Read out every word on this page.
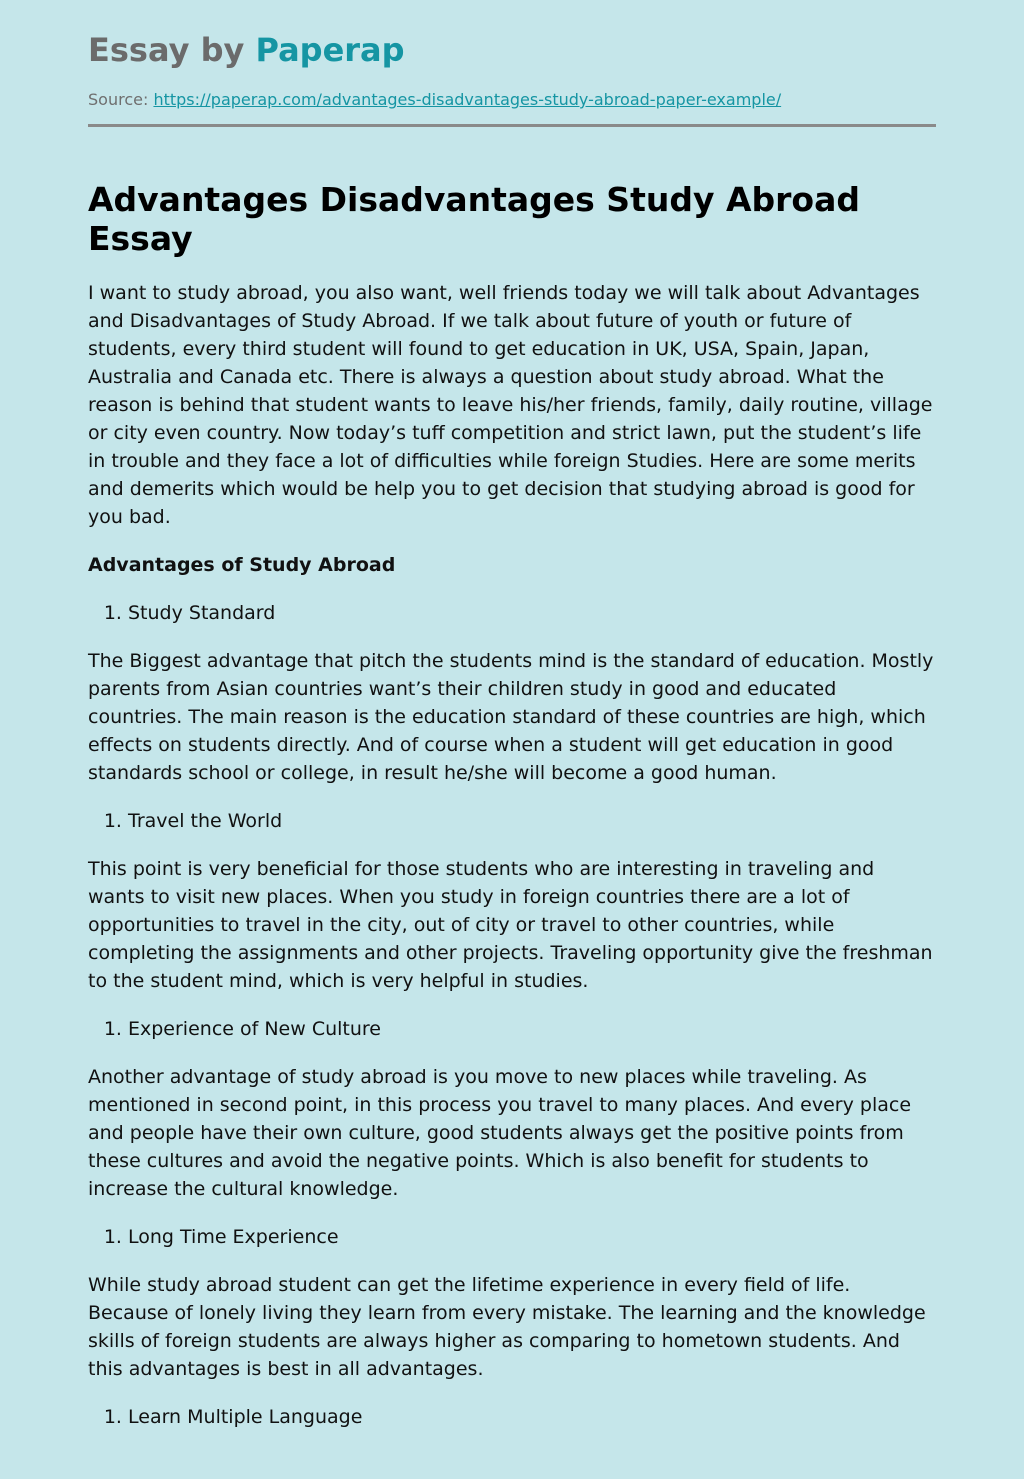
Essay by Paperap
Source: https://paperap.com/advantages-disadvantages-study-abroad-paper-example/
Advantages Disadvantages Study Abroad Essay

I want to study abroad, you also want, well friends today we will talk about Advantages and Disadvantages of Study Abroad. If we talk about future of youth or future of students, every third student will found to get education in UK, USA, Spain, Japan, Australia and Canada etc. There is always a question about study abroad. What the reason is behind that student wants to leave his/her friends, family, daily routine, village or city even country. Now today’s tuff competition and strict lawn, put the student’s life in trouble and they face a lot of difficulties while foreign Studies. Here are some merits and demerits which would be help you to get decision that studying abroad is good for you bad.

Advantages of Study Abroad
1. Study Standard

The Biggest advantage that pitch the students mind is the standard of education. Mostly parents from Asian countries want’s their children study in good and educated countries. The main reason is the education standard of these countries are high, which effects on students directly. And of course when a student will get education in good standards school or college, in result he/she will become a good human.

1. Travel the World

This point is very beneficial for those students who are interesting in traveling and wants to visit new places. When you study in foreign countries there are a lot of opportunities to travel in the city, out of city or travel to other countries, while completing the assignments and other projects. Traveling opportunity give the freshman to the student mind, which is very helpful in studies.

1. Experience of New Culture

Another advantage of study abroad is you move to new places while traveling. As mentioned in second point, in this process you travel to many places. And every place and people have their own culture, good students always get the positive points from these cultures and avoid the negative points. Which is also benefit for students to increase the cultural knowledge.

1. Long Time Experience

While study abroad student can get the lifetime experience in every field of life. Because of lonely living they learn from every mistake. The learning and the knowledge skills of foreign students are always higher as comparing to hometown students. And this advantages is best in all advantages.

1. Learn Multiple Language
